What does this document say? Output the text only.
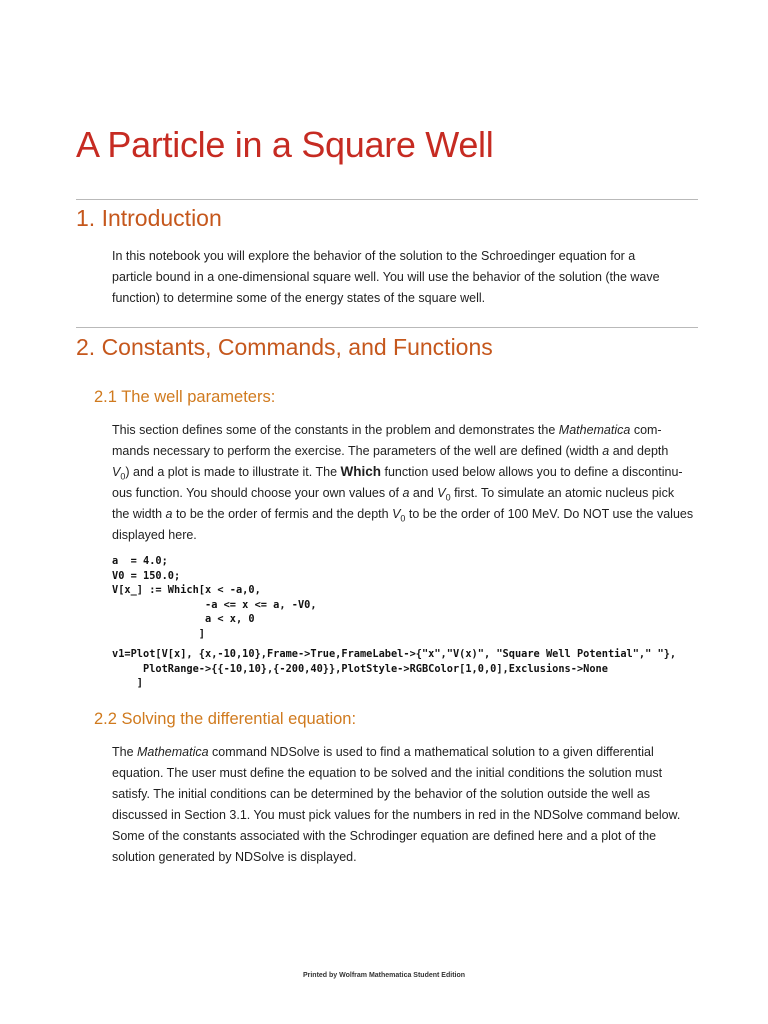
A Particle in a Square Well
1. Introduction

In this notebook you will explore the behavior of the solution to the Schroedinger equation for a
particle bound in a one-dimensional square well. You will use the behavior of the solution (the wave
function) to determine some of the energy states of the square well.

2. Constants, Commands, and Functions
2.1 The well parameters:

This section defines some of the constants in the problem and demonstrates the Mathematica com-
mands necessary to perform the exercise. The parameters of the well are defined (width a and depth
$V_0$) and a plot is made to illustrate it. The Which function used below allows you to define a discontinu-
ous function. You should choose your own values of a and $V_0$ first. To simulate an atomic nucleus pick
the width a to be the order of fermis and the depth $V_0$ to be the order of 100 MeV. Do NOT use the values
displayed here.

a  = 4.0;
V0 = 150.0;
V[x_] := Which[x < -a,0,
-a <= x <= a, -V0,
a < x, 0
]
v1=Plot[V[x], {x,-10,10},Frame->True,FrameLabel->{"x","V(x)", "Square Well Potential"," "},
PlotRange->{{-10,10},{-200,40}},PlotStyle->RGBColor[1,0,0],Exclusions->None
]
2.2 Solving the differential equation:

The Mathematica command NDSolve is used to find a mathematical solution to a given differential
equation. The user must define the equation to be solved and the initial conditions the solution must
satisfy. The initial conditions can be determined by the behavior of the solution outside the well as
discussed in Section 3.1. You must pick values for the numbers in red in the NDSolve command below.
Some of the constants associated with the Schrodinger equation are defined here and a plot of the
solution generated by NDSolve is displayed.

Printed by Wolfram Mathematica Student Edition
